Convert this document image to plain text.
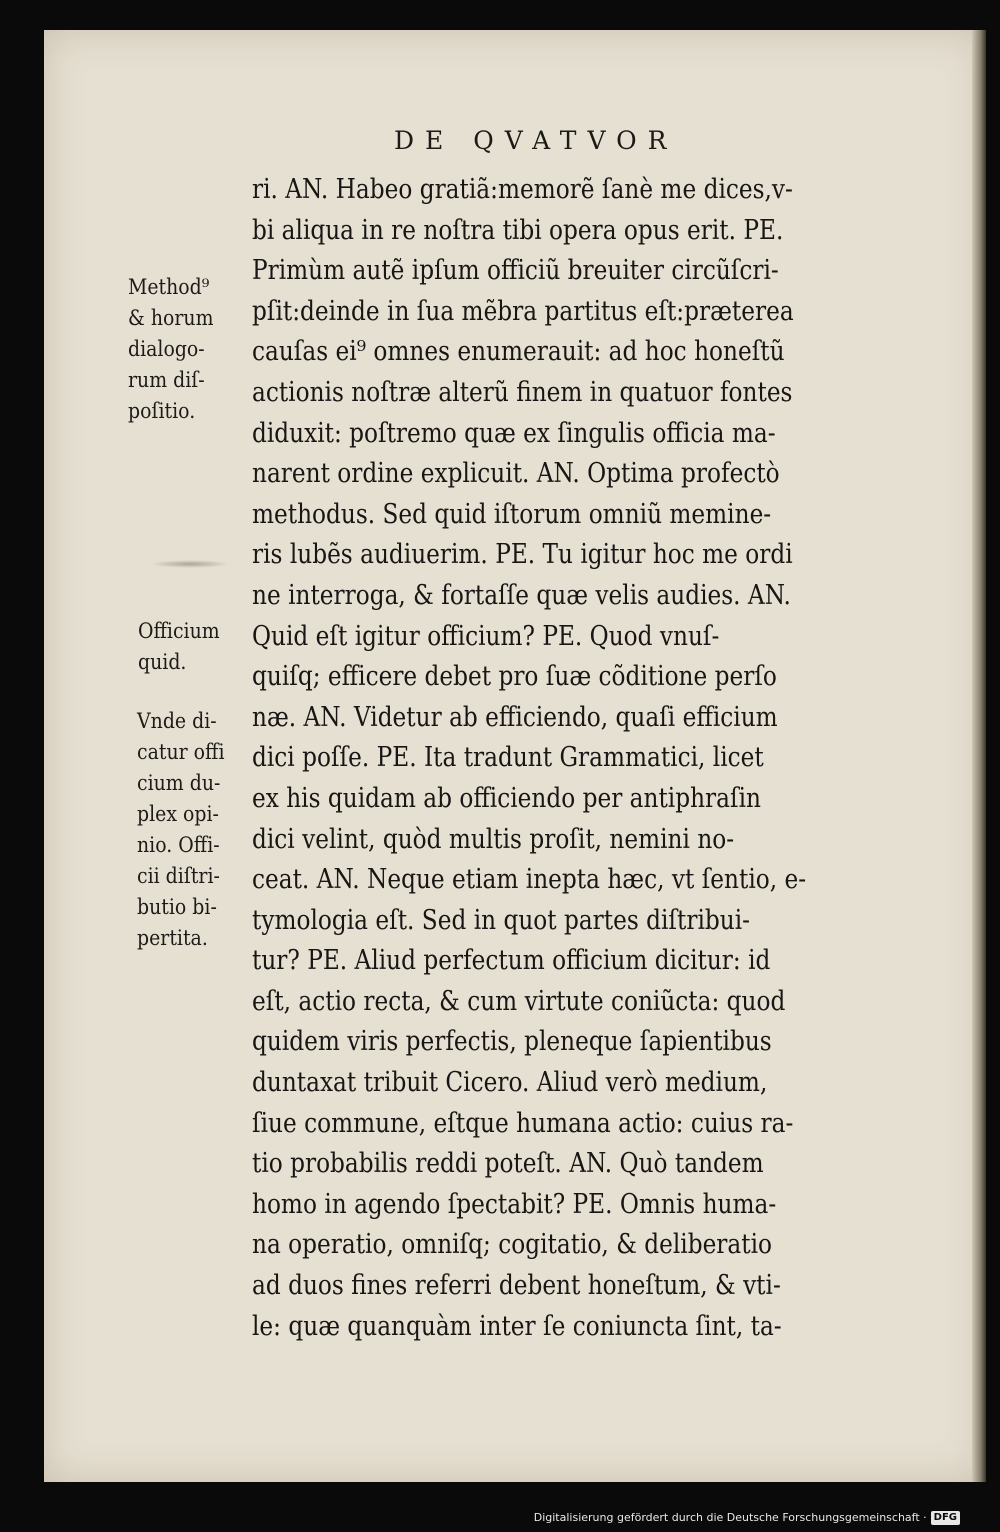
DE QVATVOR
Method⁹
& horum
dialogo-
rum diſ-
poſitio.
Officium
quid.
Vnde di-
catur offi
cium du-
plex opi-
nio. Offi-
cii diſtri-
butio bi-
pertita.
ri. AN. Habeo gratiã:memorẽ ſanè me dices,v-
bi aliqua in re noſtra tibi opera opus erit. PE.
Primùm autẽ ipſum officiũ breuiter circũſcri-
pſit:deinde in ſua mẽbra partitus eſt:præterea
cauſas ei⁹ omnes enumerauit: ad hoc honeſtũ
actionis noſtræ alterũ finem in quatuor fontes
diduxit: poſtremo quæ ex ſingulis officia ma-
narent ordine explicuit. AN. Optima profectò
methodus. Sed quid iſtorum omniũ memine-
ris lubẽs audiuerim. PE. Tu igitur hoc me ordi
ne interroga, & fortaſſe quæ velis audies. AN.
Quid eſt igitur officium? PE. Quod vnuſ-
quiſq; efficere debet pro ſuæ cõditione perſo
næ. AN. Videtur ab efficiendo, quaſi efficium
dici poſſe. PE. Ita tradunt Grammatici, licet
ex his quidam ab officiendo per antiphraſin
dici velint, quòd multis proſit, nemini no-
ceat. AN. Neque etiam inepta hæc, vt ſentio, e-
tymologia eſt. Sed in quot partes diſtribui-
tur? PE. Aliud perfectum officium dicitur: id
eſt, actio recta, & cum virtute coniũcta: quod
quidem viris perfectis, pleneque ſapientibus
duntaxat tribuit Cicero. Aliud verò medium,
ſiue commune, eſtque humana actio: cuius ra-
tio probabilis reddi poteſt. AN. Quò tandem
homo in agendo ſpectabit? PE. Omnis huma-
na operatio, omniſq; cogitatio, & deliberatio
ad duos fines referri debent honeſtum, & vti-
le: quæ quanquàm inter ſe coniuncta ſint, ta-
Digitalisierung gefördert durch die Deutsche Forschungsgemeinschaft · DFG
